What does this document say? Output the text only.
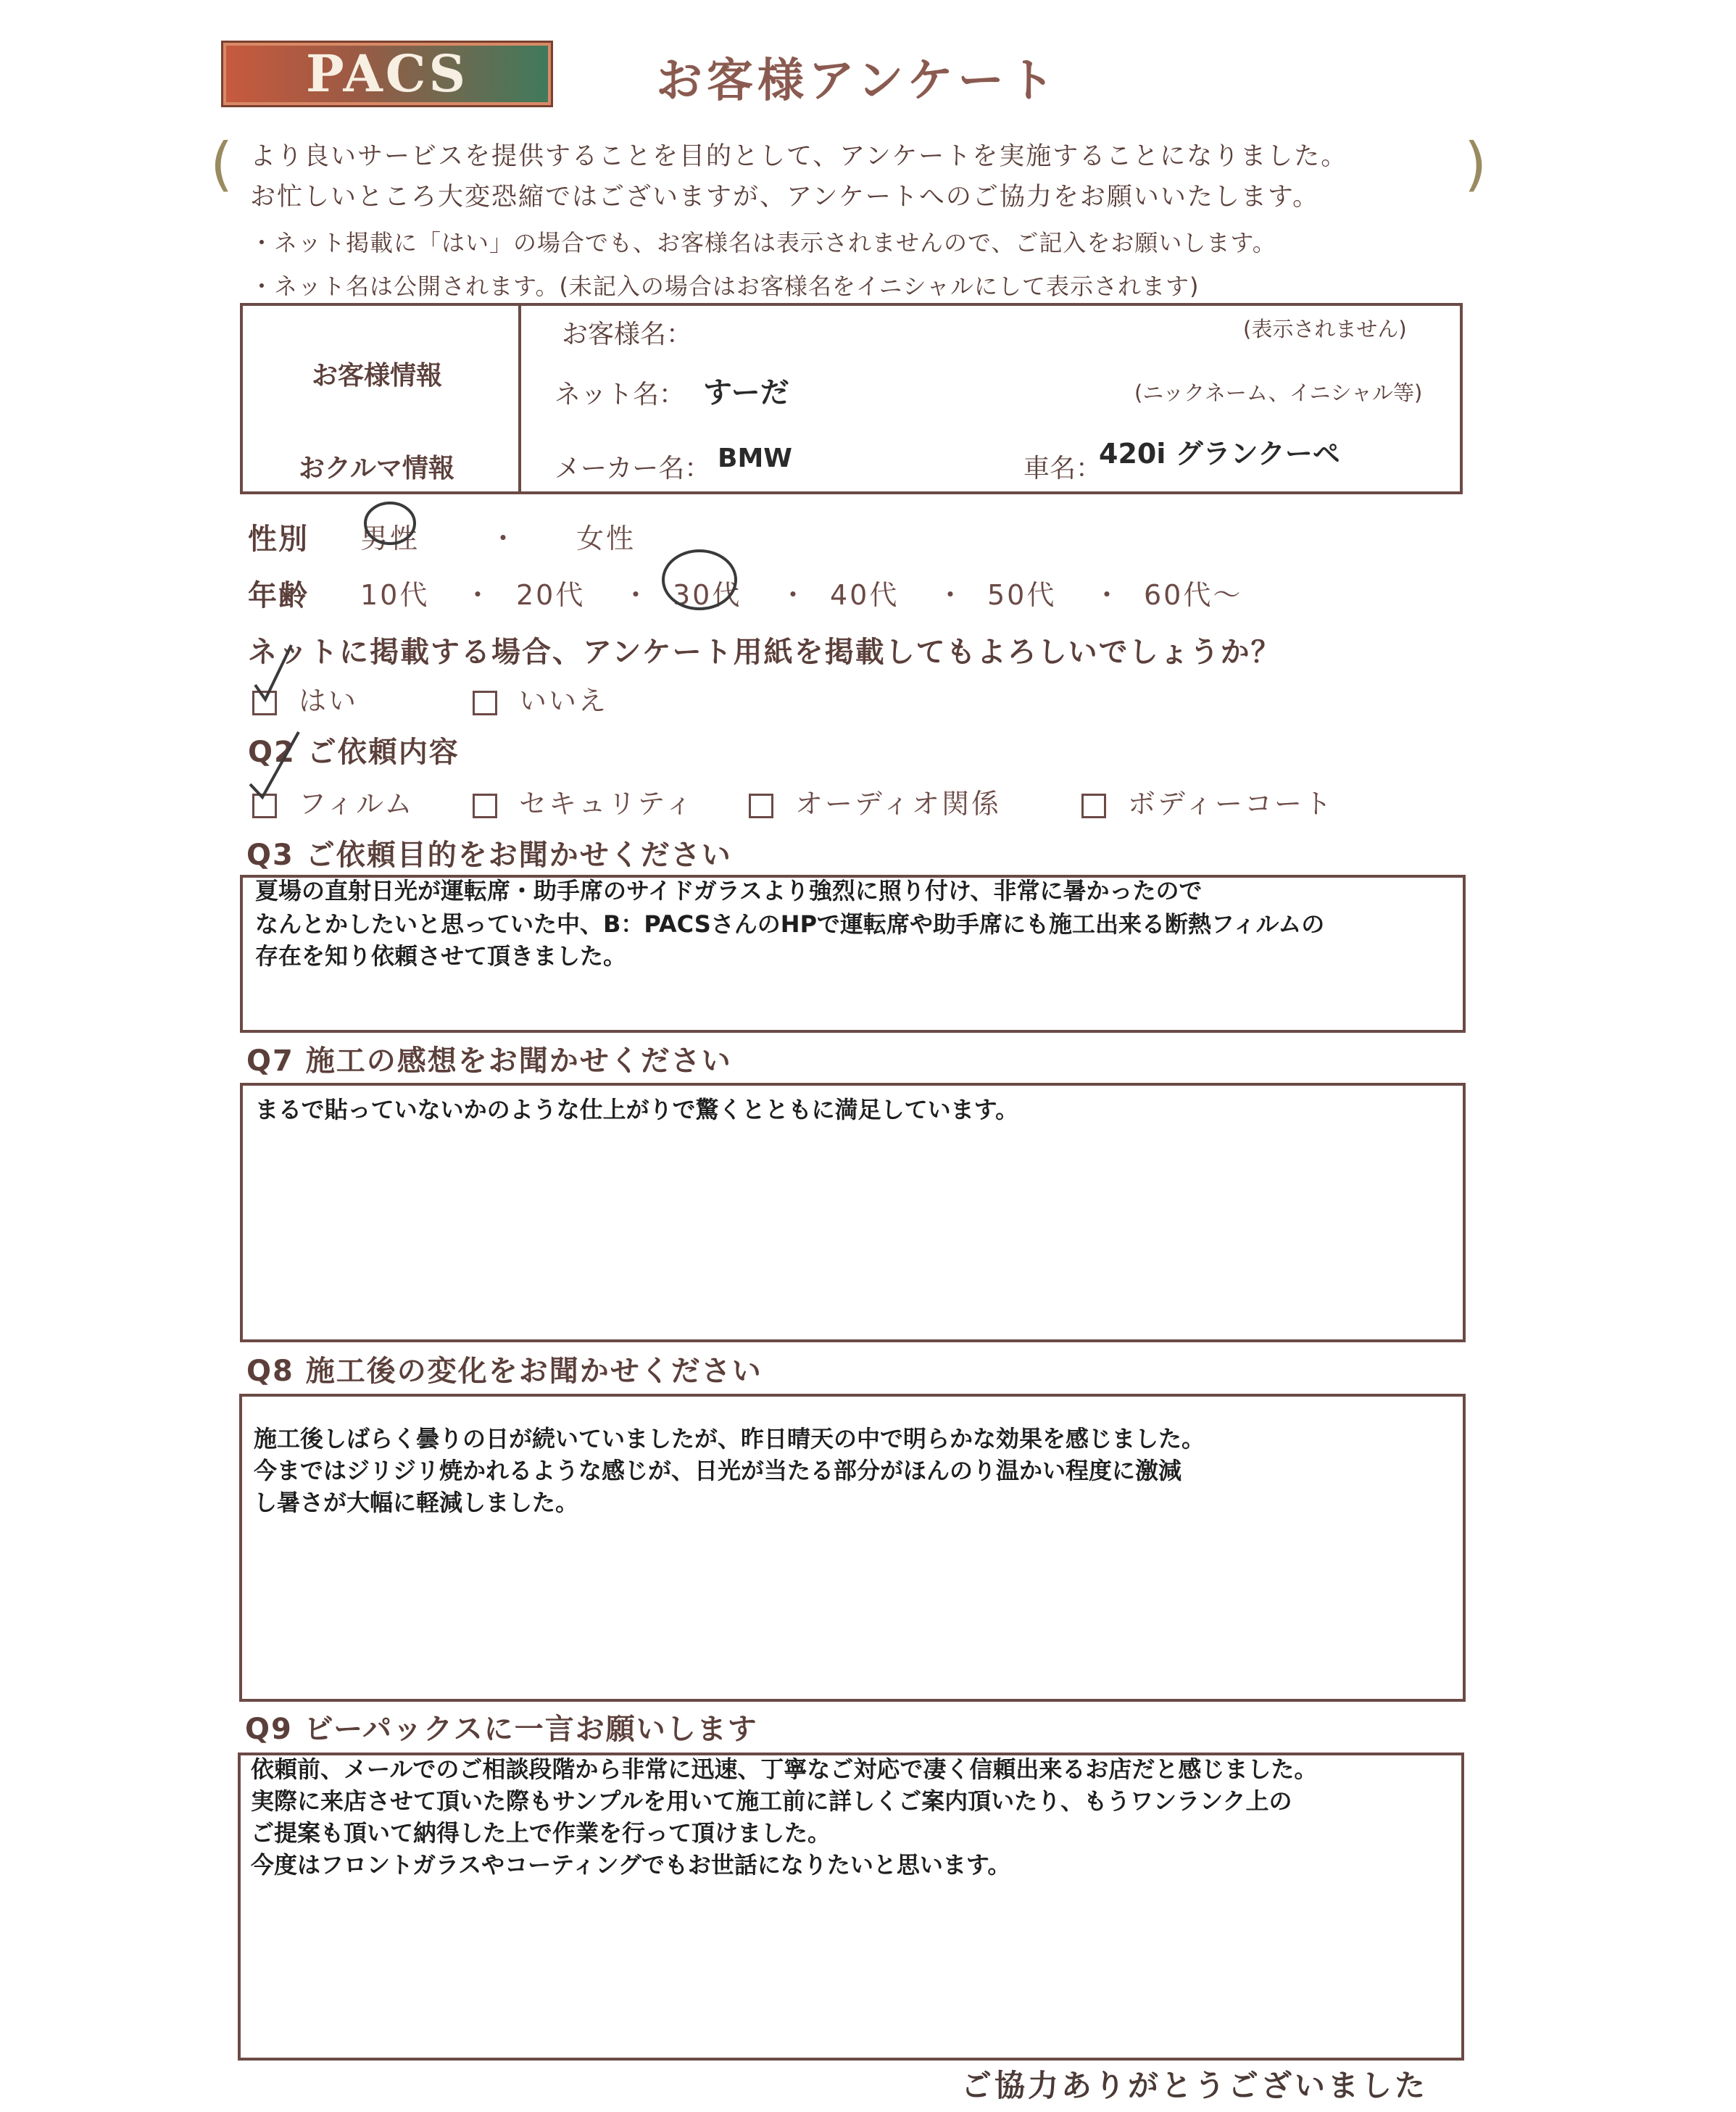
PACS	お客様アンケート
(	)
より良いサービスを提供することを目的として、アンケートを実施することになりました。
お忙しいところ大変恐縮ではございますが、アンケートへのご協力をお願いいたします。
・ネット掲載に「はい」の場合でも、お客様名は表示されませんので、ご記入をお願いします。
・ネット名は公開されます。(未記入の場合はお客様名をイニシャルにして表示されます)
お客様情報
おクルマ情報
お客様名：	(表示されません)
ネット名： すーだ	(ニックネーム、イニシャル等)
メーカー名： BMW	車名：
420i グランクーペ
性別 男性	・ 女性
年齢 10代 ・ 20代 ・ 30代 ・ 40代 ・ 50代 ・ 60代～
ネットに掲載する場合、アンケート用紙を掲載してもよろしいでしょうか？
はい	いいえ
Q2 ご依頼内容
フィルム	セキュリティ	オーディオ関係	ボディーコート
Q3 ご依頼目的をお聞かせください
夏場の直射日光が運転席・助手席のサイドガラスより強烈に照り付け、非常に暑かったので
なんとかしたいと思っていた中、B：PACSさんのHPで運転席や助手席にも施工出来る断熱フィルムの
存在を知り依頼させて頂きました。
Q7 施工の感想をお聞かせください
まるで貼っていないかのような仕上がりで驚くとともに満足しています。
Q8 施工後の変化をお聞かせください
施工後しばらく曇りの日が続いていましたが、昨日晴天の中で明らかな効果を感じました。
今まではジリジリ焼かれるような感じが、日光が当たる部分がほんのり温かい程度に激減
し暑さが大幅に軽減しました。
Q9 ビーパックスに一言お願いします
依頼前、メールでのご相談段階から非常に迅速、丁寧なご対応で凄く信頼出来るお店だと感じました。
実際に来店させて頂いた際もサンプルを用いて施工前に詳しくご案内頂いたり、もうワンランク上の
ご提案も頂いて納得した上で作業を行って頂けました。
今度はフロントガラスやコーティングでもお世話になりたいと思います。
ご協力ありがとうございました
